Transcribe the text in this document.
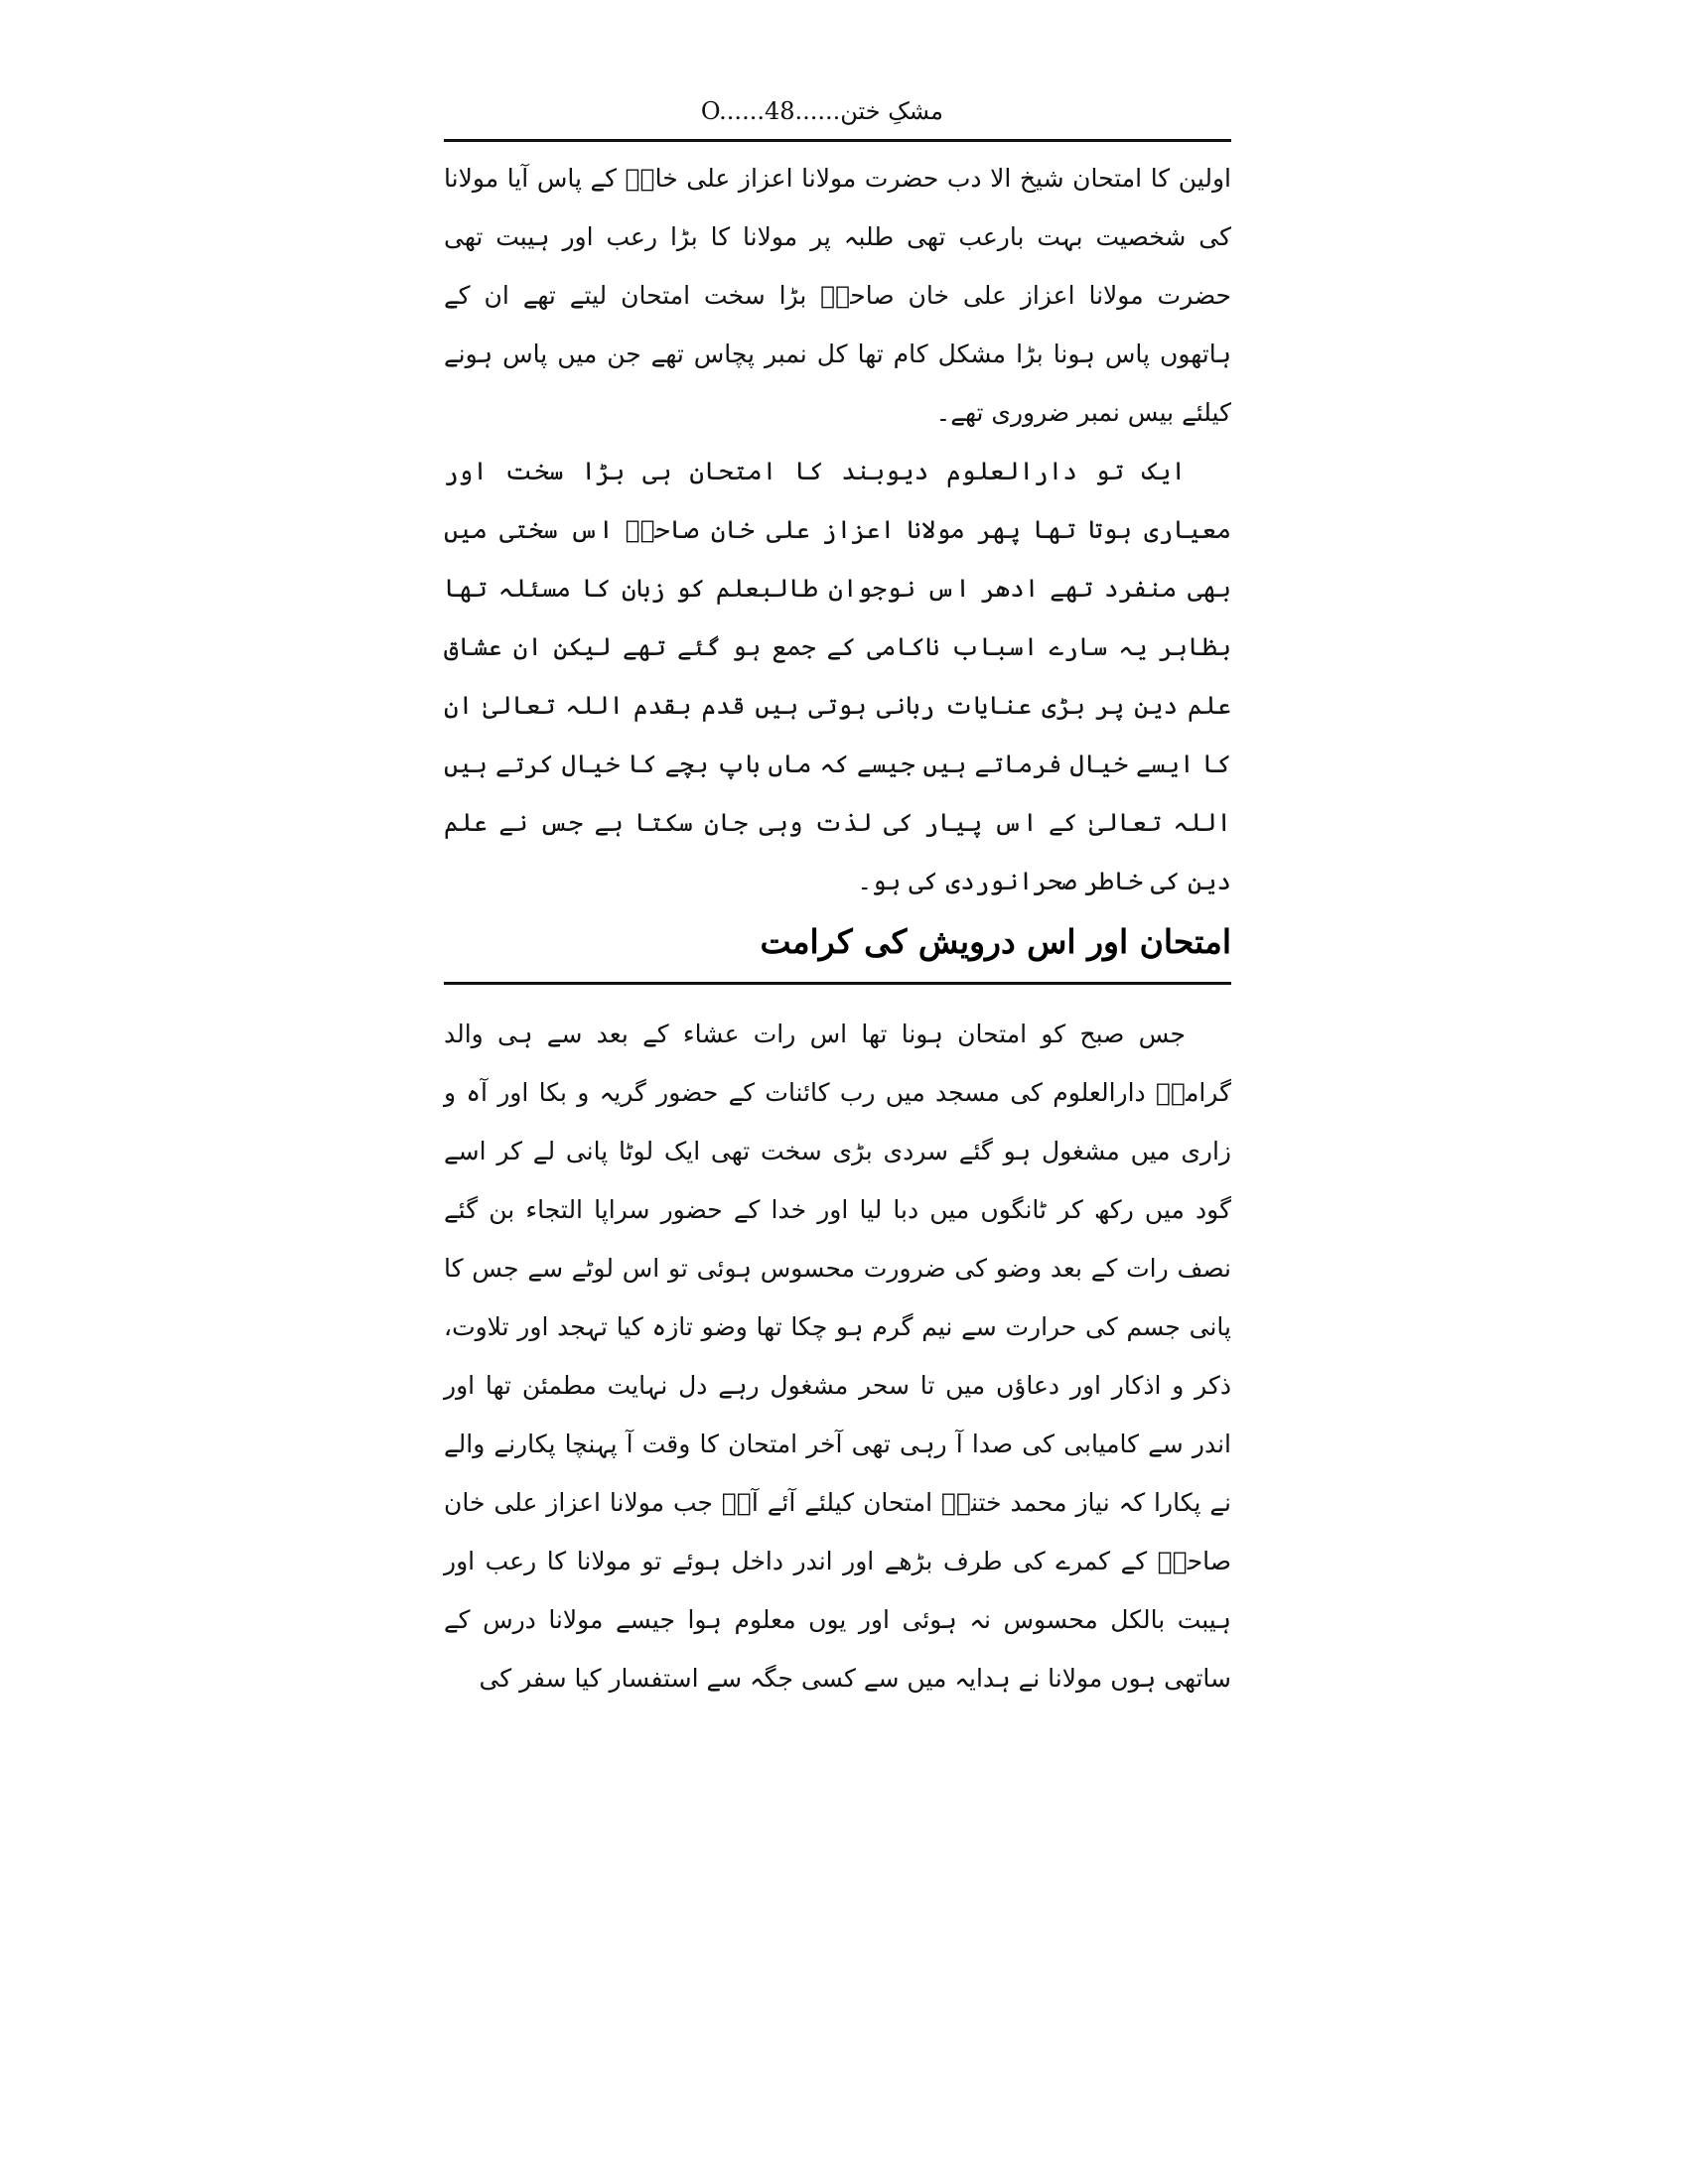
مشکِ ختن......O......48

اولین کا امتحان شیخ الا دب حضرت مولانا اعزاز علی خانؒ کے پاس آیا مولانا کی شخصیت بہت بارعب تھی طلبہ پر مولانا کا بڑا رعب اور ہیبت تھی حضرت مولانا اعزاز علی خان صاحبؒ بڑا سخت امتحان لیتے تھے ان کے ہاتھوں پاس ہونا بڑا مشکل کام تھا کل نمبر پچاس تھے جن میں پاس ہونے کیلئے بیس نمبر ضروری تھے۔

ایک تو دارالعلوم دیوبند کا امتحان ہی بڑا سخت اور معیاری ہوتا تھا پھر مولانا اعزاز علی خان صاحبؒ اس سختی میں بھی منفرد تھے ادھر اس نوجوان طالبعلم کو زبان کا مسئلہ تھا بظاہر یہ سارے اسباب ناکامی کے جمع ہو گئے تھے لیکن ان عشاق علم دین پر بڑی عنایات ربانی ہوتی ہیں قدم بقدم اللہ تعالیٰ ان کا ایسے خیال فرماتے ہیں جیسے کہ ماں باپ بچے کا خیال کرتے ہیں اللہ تعالیٰ کے اس پیار کی لذت وہی جان سکتا ہے جس نے علم دین کی خاطر صحرانوردی کی ہو۔

امتحان اور اس درویش کی کرامت

جس صبح کو امتحان ہونا تھا اس رات عشاء کے بعد سے ہی والد گرامیؒ دارالعلوم کی مسجد میں رب کائنات کے حضور گریہ و بکا اور آہ و زاری میں مشغول ہو گئے سردی بڑی سخت تھی ایک لوٹا پانی لے کر اسے گود میں رکھ کر ٹانگوں میں دبا لیا اور خدا کے حضور سراپا التجاء بن گئے نصف رات کے بعد وضو کی ضرورت محسوس ہوئی تو اس لوٹے سے جس کا پانی جسم کی حرارت سے نیم گرم ہو چکا تھا وضو تازہ کیا تہجد اور تلاوت، ذکر و اذکار اور دعاؤں میں تا سحر مشغول رہے دل نہایت مطمئن تھا اور اندر سے کامیابی کی صدا آ رہی تھی آخر امتحان کا وقت آ پہنچا پکارنے والے نے پکارا کہ نیاز محمد ختنیؒ امتحان کیلئے آئے آپؒ جب مولانا اعزاز علی خان صاحبؒ کے کمرے کی طرف بڑھے اور اندر داخل ہوئے تو مولانا کا رعب اور ہیبت بالکل محسوس نہ ہوئی اور یوں معلوم ہوا جیسے مولانا درس کے ساتھی ہوں مولانا نے ہدایہ میں سے کسی جگہ سے استفسار کیا سفر کی
